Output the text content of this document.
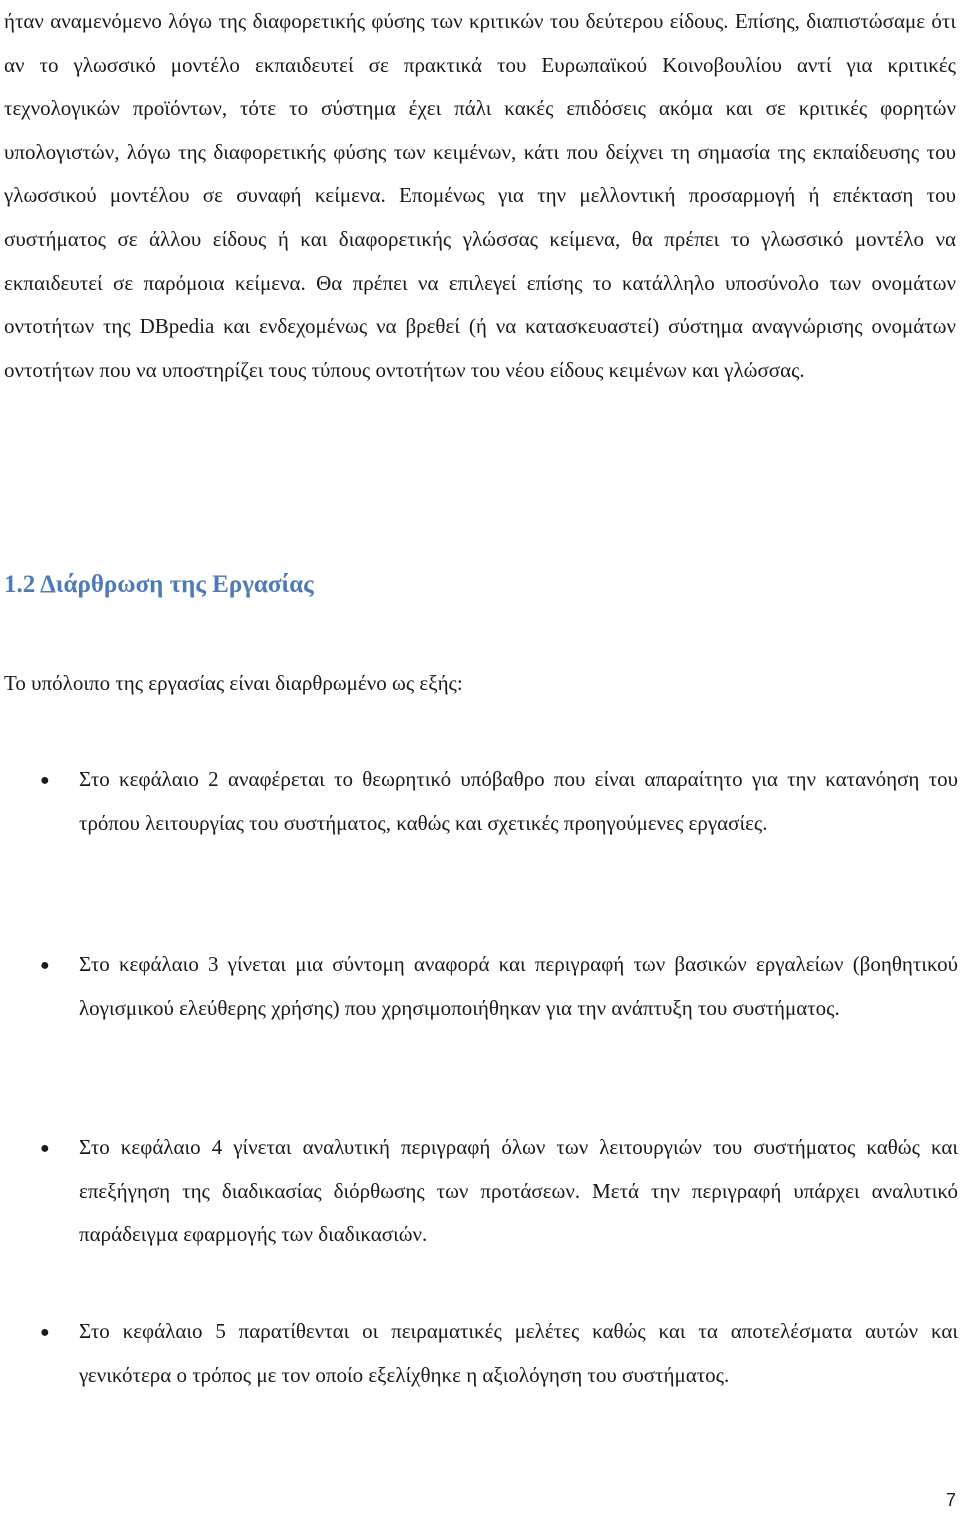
ήταν αναμενόμενο λόγω της διαφορετικής φύσης των κριτικών του δεύτερου είδους. Επίσης, διαπιστώσαμε ότι αν το γλωσσικό μοντέλο εκπαιδευτεί σε πρακτικά του Ευρωπαϊκού Κοινοβουλίου αντί για κριτικές τεχνολογικών προϊόντων, τότε το σύστημα έχει πάλι κακές επιδόσεις ακόμα και σε κριτικές φορητών υπολογιστών, λόγω της διαφορετικής φύσης των κειμένων, κάτι που δείχνει τη σημασία της εκπαίδευσης του γλωσσικού μοντέλου σε συναφή κείμενα. Επομένως για την μελλοντική προσαρμογή ή επέκταση του συστήματος σε άλλου είδους ή και διαφορετικής γλώσσας κείμενα, θα πρέπει το γλωσσικό μοντέλο να εκπαιδευτεί σε παρόμοια κείμενα. Θα πρέπει να επιλεγεί επίσης το κατάλληλο υποσύνολο των ονομάτων οντοτήτων της DBpedia και ενδεχομένως να βρεθεί (ή να κατασκευαστεί) σύστημα αναγνώρισης ονομάτων οντοτήτων που να υποστηρίζει τους τύπους οντοτήτων του νέου είδους κειμένων και γλώσσας.

1.2 Διάρθρωση της Εργασίας

Το υπόλοιπο της εργασίας είναι διαρθρωμένο ως εξής:

● Στο κεφάλαιο 2 αναφέρεται το θεωρητικό υπόβαθρο που είναι απαραίτητο για την κατανόηση του τρόπου λειτουργίας του συστήματος, καθώς και σχετικές προηγούμενες εργασίες.

● Στο κεφάλαιο 3 γίνεται μια σύντομη αναφορά και περιγραφή των βασικών εργαλείων (βοηθητικού λογισμικού ελεύθερης χρήσης) που χρησιμοποιήθηκαν για την ανάπτυξη του συστήματος.

● Στο κεφάλαιο 4 γίνεται αναλυτική περιγραφή όλων των λειτουργιών του συστήματος καθώς και επεξήγηση της διαδικασίας διόρθωσης των προτάσεων. Μετά την περιγραφή υπάρχει αναλυτικό παράδειγμα εφαρμογής των διαδικασιών.

● Στο κεφάλαιο 5 παρατίθενται οι πειραματικές μελέτες καθώς και τα αποτελέσματα αυτών και γενικότερα ο τρόπος με τον οποίο εξελίχθηκε η αξιολόγηση του συστήματος.

7
